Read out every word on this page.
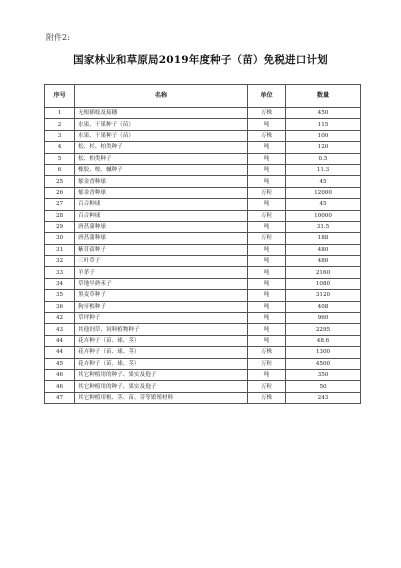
附件2:
国家林业和草原局2019年度种子（苗）免税进口计划
序号	名称	单位	数量
1	无根插枝及接穗	万株	450
2	水果、干果种子（苗）	吨	115
3	水果、干果种子（苗）	万株	100
4	松、杉、柏类种子	吨	120
5	松、柏类种子	吨	0.5
6	橡胶、桉、槭种子	吨	11.3
25	郁金香种球	吨	45
26	郁金香种球	万粒	12000
27	百合种球	吨	45
28	百合种球	万粒	10000
29	唐菖蒲种球	吨	31.5
30	唐菖蒲种球	万粒	188
31	紫苜蓿种子	吨	480
32	三叶草子	吨	480
33	羊茅子	吨	2160
34	草地早熟禾子	吨	1080
35	黑麦草种子	吨	3120
36	狗牙根种子	吨	408
42	草坪种子	吨	960
43	其他饲草、饲料植物种子	吨	2295
44	花卉种子（苗、球、茎）	吨	48.6
44	花卉种子（苗、球、茎）	万株	1300
45	花卉种子（苗、球、茎）	万粒	4500
46	其它种植用的种子、果实及孢子	吨	350
46	其它种植用的种子、果实及孢子	万粒	50
47	其它种植用根、茎、苗、芽等繁殖材料	万株	243
